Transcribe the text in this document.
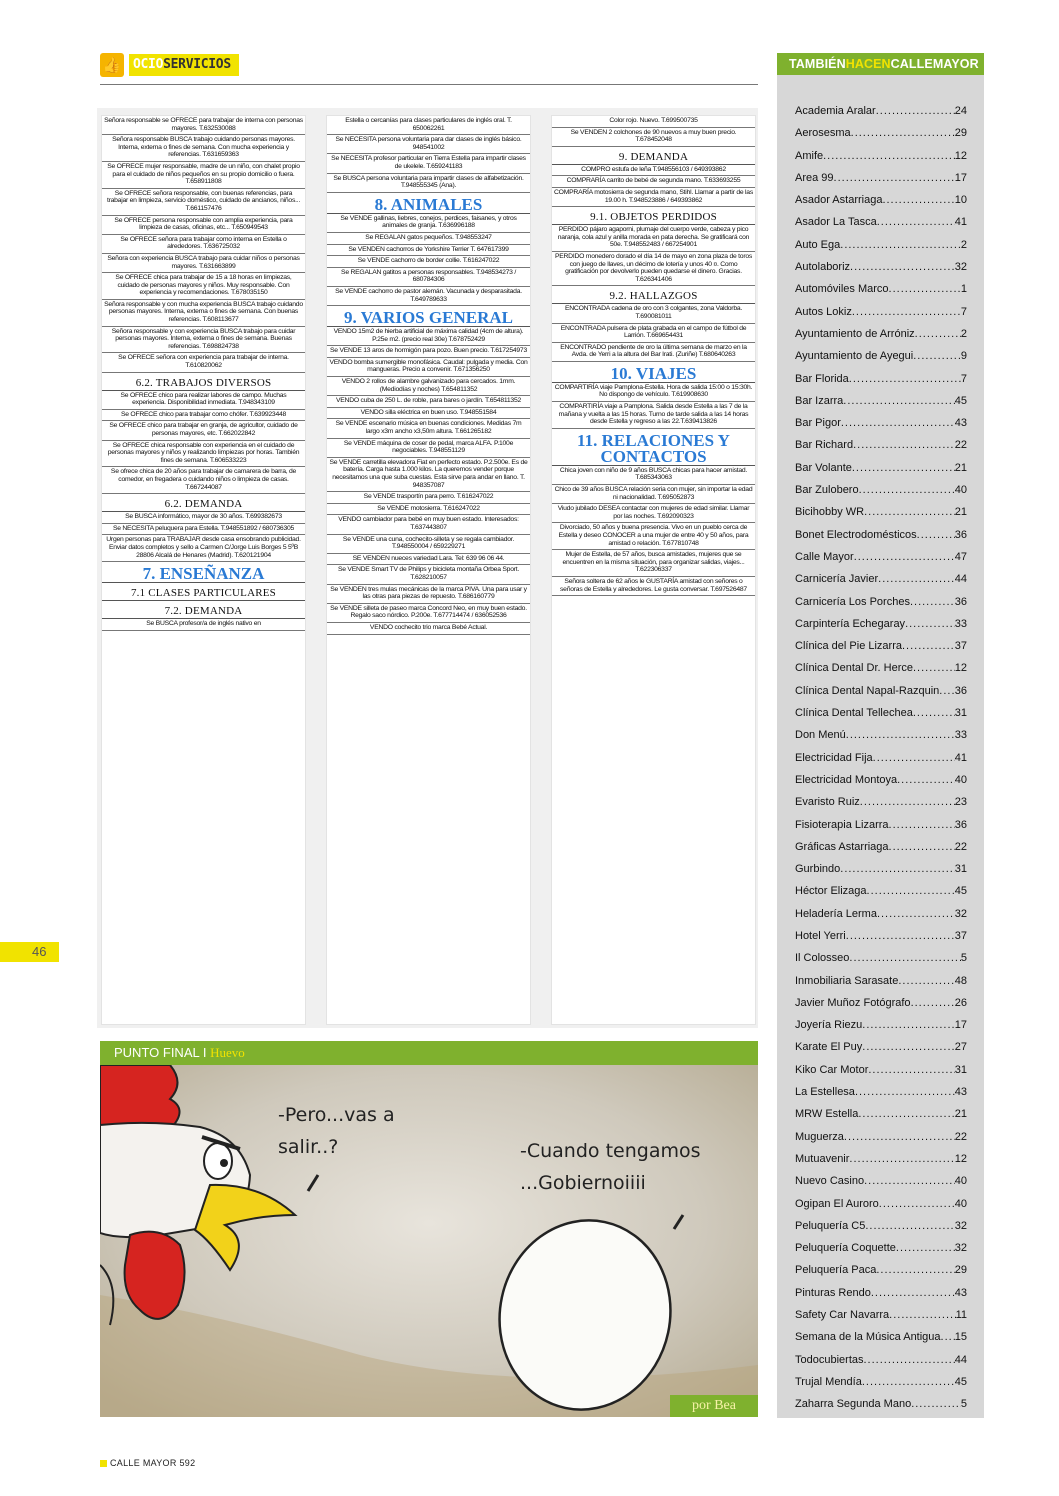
👍 OCIOSERVICIOS
Señora responsable se OFRECE para trabajar de interna con personas mayores. T.632530088
Señora responsable BUSCA trabajo cuidando personas mayores. Interna, externa o fines de semana. Con mucha experiencia y referencias. T.631659363
Se OFRECE mujer responsable, madre de un niño, con chalet propio para el cuidado de niños pequeños en su propio domicilio o fuera. T.658911808
Se OFRECE señora responsable, con buenas referencias, para trabajar en limpieza, servicio doméstico, cuidado de ancianos, niños... T.661157476
Se OFRECE persona responsable con amplia experiencia, para limpieza de casas, oficinas, etc... T.650949543
Se OFRECE señora para trabajar como interna en Estella o alrededores. T.636725032
Señora con experiencia BUSCA trabajo para cuidar niños o personas mayores. T.631663899
Se OFRECE chica para trabajar de 15 a 18 horas en limpiezas, cuidado de personas mayores y niños. Muy responsable. Con experiencia y recomendaciones. T.678035150
Señora responsable y con mucha experiencia BUSCA trabajo cuidando personas mayores. Interna, externa o fines de semana. Con buenas referencias. T.608113677
Señora responsable y con experiencia BUSCA trabajo para cuidar personas mayores. Interna, externa o fines de semana. Buenas referencias. T.698824738
Se OFRECE señora con experiencia para trabajar de interna. T.610820062
6.2. TRABAJOS DIVERSOS
Se OFRECE chico para realizar labores de campo. Muchas experiencia. Disponibilidad inmediata. T.948343109
Se OFRECE chico para trabajar como chófer. T.639923448
Se OFRECE chico para trabajar en granja, de agricultor, cuidado de personas mayores, etc. T.662022842
Se OFRECE chica responsable con experiencia en el cuidado de personas mayores y niños y realizando limpiezas por horas. También fines de semana. T.606533223
Se ofrece chica de 20 años para trabajar de camarera de barra, de comedor, en fregadera o cuidando niños o limpieza de casas. T.667244087
6.2. DEMANDA
Se BUSCA informático, mayor de 30 años. T.699382673
Se NECESITA peluquera para Estella. T.948551892 / 680736305
Urgen personas para TRABAJAR desde casa ensobrando publicidad. Enviar datos completos y sello a Carmen C/Jorge Luis Borges 5 5ºB 28806 Alcalá de Henares (Madrid). T.620121904
7. ENSEÑANZA
7.1 CLASES PARTICULARES
7.2. DEMANDA
Se BUSCA profesor/a de inglés nativo en
Estella o cercanías para clases particulares de inglés oral. T. 650062261
Se NECESITA persona voluntaria para dar clases de inglés básico. 948541002
Se NECESITA profesor particular en Tierra Estella para impartir clases de ukelele. T.659241183
Se BUSCA persona voluntaria para impartir clases de alfabetización. T.948555345 (Ana).
8. ANIMALES
Se VENDE gallinas, liebres, conejos, perdices, faisanes, y otros animales de granja. T.636996188
Se REGALAN gatos pequeños. T.948553247
Se VENDEN cachorros de Yorkshire Terrier T. 647617399
Se VENDE cachorro de border collie. T.616247022
Se REGALAN gatitos a personas responsables. T.948534273 / 680784306
Se VENDE cachorro de pastor alemán. Vacunada y desparasitada. T.649789633
9. VARIOS GENERAL
VENDO 15m2 de hierba artificial de máxima calidad (4cm de altura). P.25e m2. (precio real 30e) T.678752429
Se VENDE 13 aros de hormigón para pozo. Buen precio. T.617254973
VENDO bomba sumergible monofásica. Caudal: pulgada y media. Con mangueras. Precio a convenir. T.671356250
VENDO 2 rollos de alambre galvanizado para cercados. 1mm. (Mediodías y noches) T.654811352
VENDO cuba de 250 L. de roble, para bares o jardín. T.654811352
VENDO silla eléctrica en buen uso. T.948551584
Se VENDE escenario música en buenas condiciones. Medidas 7m largo x3m ancho x3,50m altura. T.661265182
Se VENDE máquina de coser de pedal, marca ALFA. P.100e negociables. T.948551129
Se VENDE carretilla elevadora Fiat en perfecto estado. P.2.500e. Es de batería. Carga hasta 1.000 kilos. La queremos vender porque necesitamos una que suba cuestas. Esta sirve para andar en llano. T. 948357087
Se VENDE trasportín para perro. T.616247022
Se VENDE motosierra. T.616247022
VENDO cambiador para bebé en muy buen estado. Interesados: T.637443807
Se VENDE una cuna, cochecito-silleta y se regala cambiador. T.948550004 / 659229271
SE VENDEN nueces variedad Lara. Tel: 639 96 06 44.
Se VENDE Smart TV de Philips y bicicleta montaña Orbea Sport. T.628210057
Se VENDEN tres mulas mecánicas de la marca PIVA. Una para usar y las otras para piezas de repuesto. T.686160779
Se VENDE silleta de paseo marca Concord Neo, en muy buen estado. Regalo saco nórdico. P.200e. T.677714474 / 636052536
VENDO cochecito trio marca Bebé Actual.
Color rojo. Nuevo. T.699500735
Se VENDEN 2 colchones de 90 nuevos a muy buen precio. T.678452048
9. DEMANDA
COMPRO estufa de leña T.948556103 / 649393862
COMPRARÍA carrito de bebé de segunda mano. T.633693255
COMPRARÍA motosierra de segunda mano, Stihl. Llamar a partir de las 19.00 h. T.948523886 / 649393862
9.1. OBJETOS PERDIDOS
PERDIDO pájaro agaporni, plumaje del cuerpo verde, cabeza y pico naranja, cola azul y anilla morada en pata derecha. Se gratificará con 50e. T.948552483 / 667254901
PERDIDO monedero dorado el día 14 de mayo en zona plaza de toros con juego de llaves, un décimo de lotería y unos 40 ¤. Como gratificación por devolverlo pueden quedarse el dinero. Gracias. T.626341406
9.2. HALLAZGOS
ENCONTRADA cadena de oro con 3 colgantes, zona Valdorba. T.690081011
ENCONTRADA pulsera de plata grabada en el campo de fútbol de Larrión. T.669654431
ENCONTRADO pendiente de oro la última semana de marzo en la Avda. de Yerri a la altura del Bar Irati. (Zuriñe) T.680640263
10. VIAJES
COMPARTIRÍA viaje Pamplona-Estella. Hora de salida 15:00 o 15:30h. No dispongo de vehículo. T.619908630
COMPARTIRÍA viaje a Pamplona. Salida desde Estella a las 7 de la mañana y vuelta a las 15 horas. Turno de tarde salida a las 14 horas desde Estella y regreso a las 22.T.639413826
11. RELACIONES Y CONTACTOS
Chica joven con niño de 9 años BUSCA chicas para hacer amistad. T.685343063
Chico de 39 años BUSCA relación seria con mujer, sin importar la edad ni nacionalidad. T.695052873
Viudo jubilado DESEA contactar con mujeres de edad similar. Llamar por las noches. T.692090323
Divorciado, 50 años y buena presencia. Vivo en un pueblo cerca de Estella y deseo CONOCER a una mujer de entre 40 y 50 años, para amistad o relación. T.677810748
Mujer de Estella, de 57 años, busca amistades, mujeres que se encuentren en la misma situación, para organizar salidas, viajes... T.622306337
Señora soltera de 62 años le GUSTARÍA amistad con señores o señoras de Estella y alrededores. Le gusta conversar. T.697526487
46
PUNTO FINAL I Huevo
-Pero...vas a
salir..?	-Cuando tengamos
...Gobiernoiiii
por Bea
TAMBIÉNHACENCALLEMAYOR
Academia Aralar .....	24
Aerosesma .....	29
Amife .....	12
Area 99 .....	17
Asador Astarriaga .....	10
Asador La Tasca .....	41
Auto Ega .....	2
Autolaboriz .....	32
Automóviles Marco .....	1
Autos Lokiz .....	7
Ayuntamiento de Arróniz .....	2
Ayuntamiento de Ayegui .....	9
Bar Florida .....	7
Bar Izarra .....	45
Bar Pigor .....	43
Bar Richard .....	22
Bar Volante .....	21
Bar Zulobero .....	40
Bicihobby WR .....	21
Bonet Electrodomésticos .....	36
Calle Mayor .....	47
Carnicería Javier .....	44
Carnicería Los Porches .....	36
Carpintería Echegaray .....	33
Clínica del Pie Lizarra .....	37
Clínica Dental Dr. Herce .....	12
Clínica Dental Napal-Razquin ..... 36
Clínica Dental Tellechea .....	31
Don Menú .....	33
Electricidad Fija .....	41
Electricidad Montoya .....	40
Evaristo Ruiz .....	23
Fisioterapia Lizarra .....	36
Gráficas Astarriaga .....	22
Gurbindo .....	31
Héctor Elizaga .....	45
Heladería Lerma .....	32
Hotel Yerri .....	37
Il Colosseo .....	5
Inmobiliaria Sarasate .....	48
Javier Muñoz Fotógrafo .....	26
Joyería Riezu .....	17
Karate El Puy .....	27
Kiko Car Motor .....	31
La Estellesa .....	43
MRW Estella .....	21
Muguerza .....	22
Mutuavenir .....	12
Nuevo Casino .....	40
Ogipan El Auroro .....	40
Peluquería C5 .....	32
Peluquería Coquette .....	32
Peluquería Paca .....	29
Pinturas Rendo .....	43
Safety Car Navarra .....	11
Semana de la Música Antigua ..... 15
Todocubiertas .....	44
Trujal Mendía .....	45
Zaharra Segunda Mano .....	5
CALLE MAYOR 592
